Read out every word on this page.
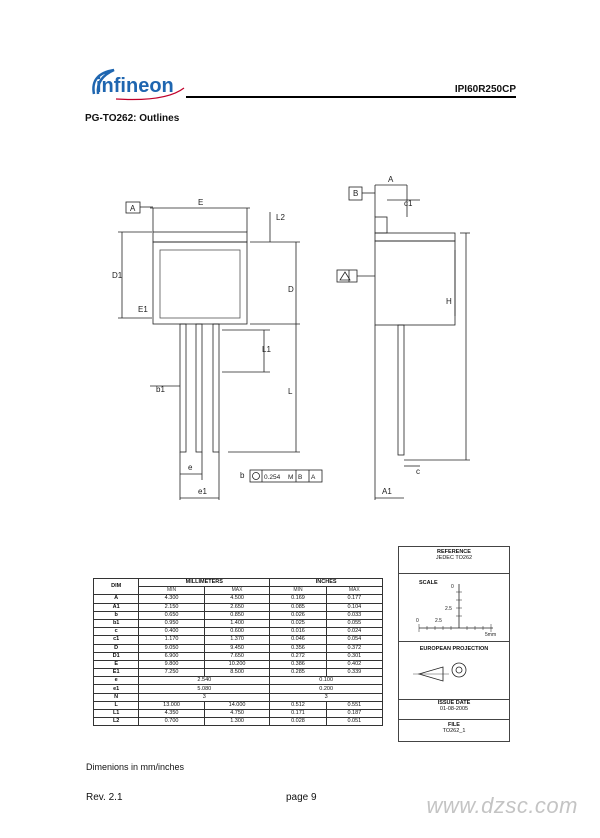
infineon	IPI60R250CP
PG-TO262: Outlines
A
B
E
L2
D1
D
E1
L1
b1	L
e
e1
b
A
c1
H
c
A1
0.254 M B A
DIM	MILLIMETERS		INCHES	
	MIN	MAX	MIN	MAX
A	4.300	4.500	0.169	0.177
A1	2.150	2.650	0.085	0.104
b	0.650	0.850	0.026	0.033
b1	0.950	1.400	0.025	0.055
c	0.400	0.600	0.016	0.024
c1	1.170	1.370	0.046	0.054
D	9.050	9.450	0.356	0.372
D1	6.900	7.650	0.272	0.301
E	9.800	10.200	0.386	0.402
E1	7.250	8.500	0.285	0.339
e	2.540		0.100	
e1	5.080		0.200	
N	3		3	
L	13.000	14.000	0.512	0.551
L1	4.350	4.750	0.171	0.187
L2	0.700	1.300	0.028	0.051
REFERENCE
JEDEC TO262
SCALE
0
2.5
0	2.5
5mm
EUROPEAN PROJECTION
ISSUE DATE
01-08-2005
FILE
TO262_1
Dimenions in mm/inches
Rev. 2.1	page 9	www.dzsc.com
